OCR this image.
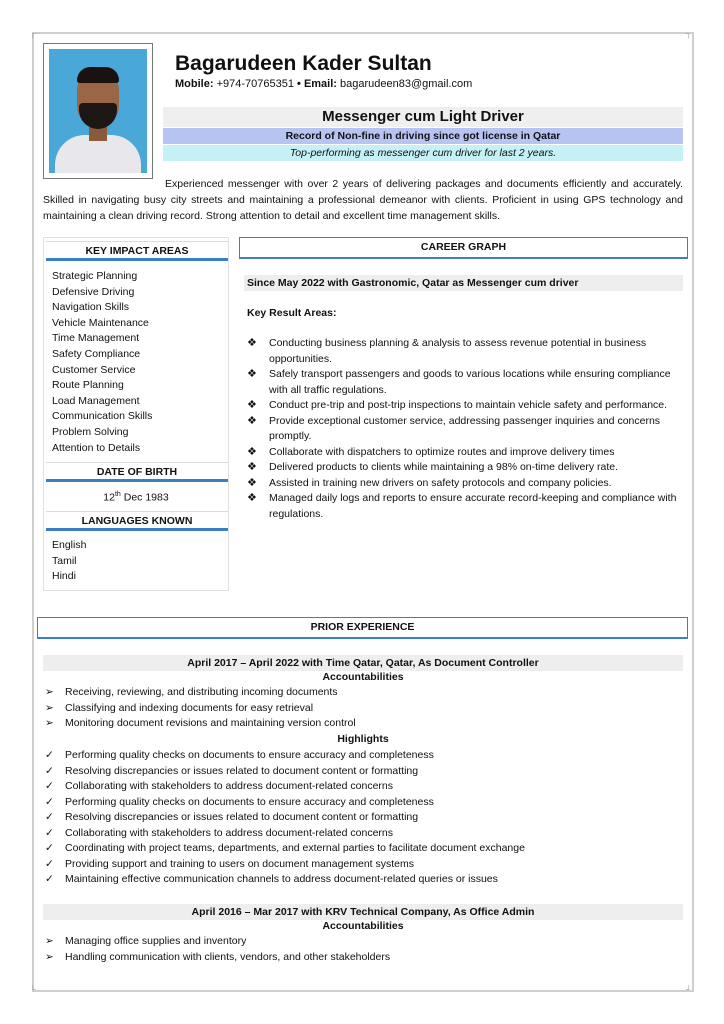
┌	┐
└	┘
Bagarudeen Kader Sultan
Mobile: +974-70765351 • Email: bagarudeen83@gmail.com
Messenger cum Light Driver
Record of Non-fine in driving since got license in Qatar
Top-performing as messenger cum driver for last 2 years.

Experienced messenger with over 2 years of delivering packages and documents efficiently and accurately. Skilled in navigating busy city streets and maintaining a professional demeanor with clients. Proficient in using GPS technology and maintaining a clean driving record. Strong attention to detail and excellent time management skills.

KEY IMPACT AREAS
Strategic Planning
Defensive Driving
Navigation Skills
Vehicle Maintenance
Time Management
Safety Compliance
Customer Service
Route Planning
Load Management
Communication Skills
Problem Solving
Attention to Details
DATE OF BIRTH
12th Dec 1983
LANGUAGES KNOWN
English
Tamil
Hindi
CAREER GRAPH
Since May 2022 with Gastronomic, Qatar as Messenger cum driver
Key Result Areas:
❖ Conducting business planning & analysis to assess revenue potential in business opportunities.
❖ Safely transport passengers and goods to various locations while ensuring compliance with all traffic regulations.
❖ Conduct pre-trip and post-trip inspections to maintain vehicle safety and performance.
❖ Provide exceptional customer service, addressing passenger inquiries and concerns promptly.
❖ Collaborate with dispatchers to optimize routes and improve delivery times
❖ Delivered products to clients while maintaining a 98% on-time delivery rate.
❖ Assisted in training new drivers on safety protocols and company policies.
❖ Managed daily logs and reports to ensure accurate record-keeping and compliance with regulations.
PRIOR EXPERIENCE
April 2017 – April 2022 with Time Qatar, Qatar, As Document Controller
Accountabilities
➢ Receiving, reviewing, and distributing incoming documents
➢ Classifying and indexing documents for easy retrieval
➢ Monitoring document revisions and maintaining version control
Highlights
✓ Performing quality checks on documents to ensure accuracy and completeness
✓ Resolving discrepancies or issues related to document content or formatting
✓ Collaborating with stakeholders to address document-related concerns
✓ Performing quality checks on documents to ensure accuracy and completeness
✓ Resolving discrepancies or issues related to document content or formatting
✓ Collaborating with stakeholders to address document-related concerns
✓ Coordinating with project teams, departments, and external parties to facilitate document exchange
✓ Providing support and training to users on document management systems
✓ Maintaining effective communication channels to address document-related queries or issues
April 2016 – Mar 2017 with KRV Technical Company, As Office Admin
Accountabilities
➢ Managing office supplies and inventory
➢ Handling communication with clients, vendors, and other stakeholders
